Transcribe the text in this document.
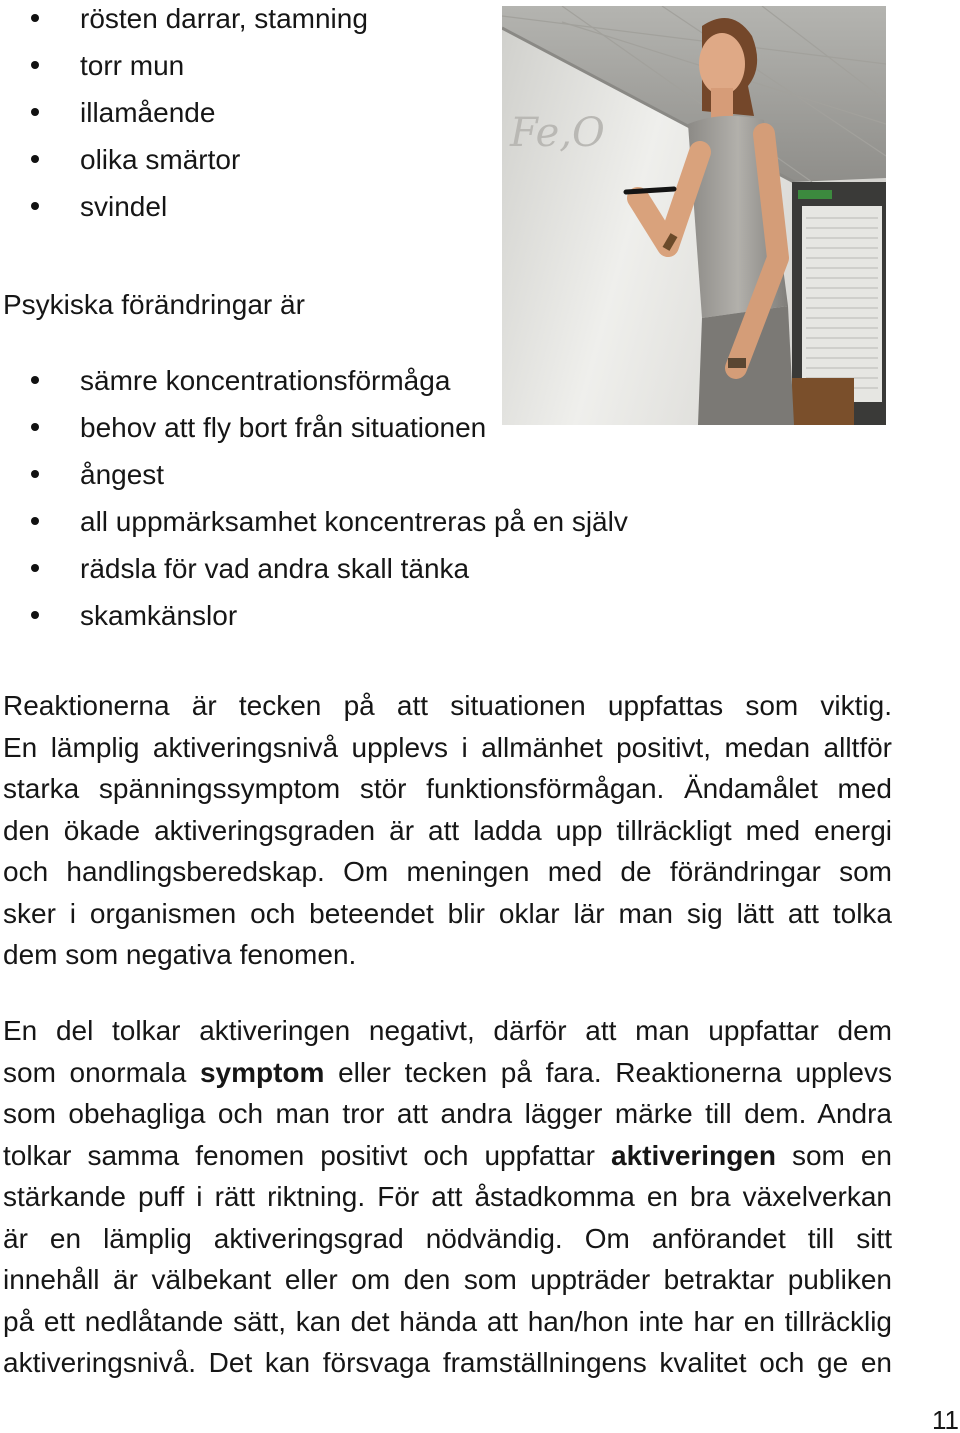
rösten darrar, stamning
torr mun
illamående
olika smärtor
svindel
Psykiska förändringar är
sämre koncentrationsförmåga
behov att fly bort från situationen
ångest
all uppmärksamhet koncentreras på en själv
rädsla för vad andra skall tänka
skamkänslor
Fe,O
Reaktionerna är tecken på att situationen uppfattas som viktig.
En lämplig aktiveringsnivå upplevs i allmänhet positivt, medan alltför
starka spänningssymptom stör funktionsförmågan. Ändamålet med
den ökade aktiveringsgraden är att ladda upp tillräckligt med energi
och handlingsberedskap. Om meningen med de förändringar som
sker i organismen och beteendet blir oklar lär man sig lätt att tolka
dem som negativa fenomen.
En del tolkar aktiveringen negativt, därför att man uppfattar dem
som onormala symptom eller tecken på fara. Reaktionerna upplevs
som obehagliga och man tror att andra lägger märke till dem. Andra
tolkar samma fenomen positivt och uppfattar aktiveringen som en
stärkande puff i rätt riktning. För att åstadkomma en bra växelverkan
är en lämplig aktiveringsgrad nödvändig. Om anförandet till sitt
innehåll är välbekant eller om den som uppträder betraktar publiken
på ett nedlåtande sätt, kan det hända att han/hon inte har en tillräcklig
aktiveringsnivå. Det kan försvaga framställningens kvalitet och ge en
11
